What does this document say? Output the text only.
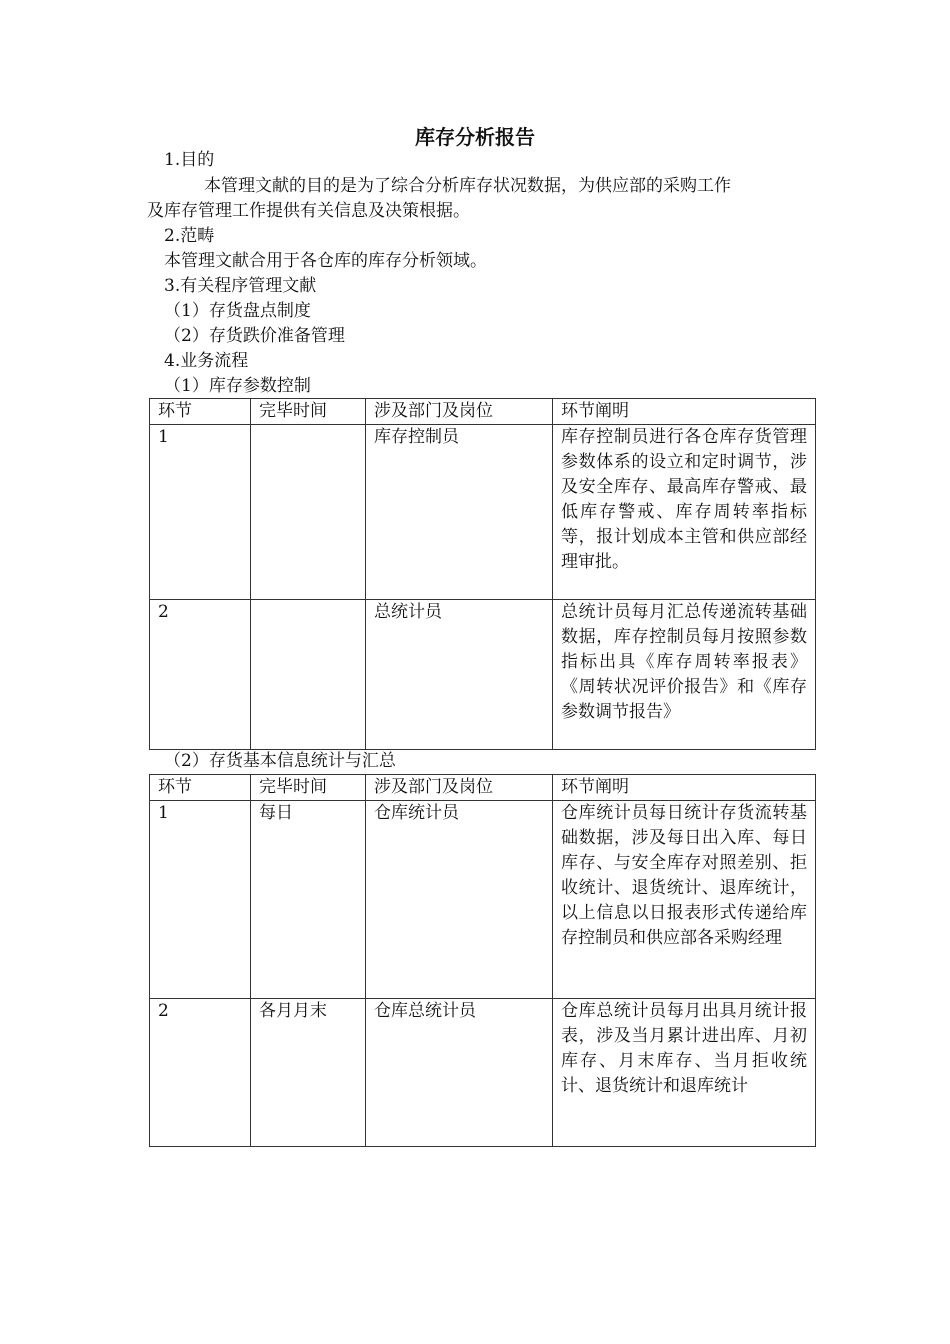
库存分析报告
1.目的
本管理文献的目的是为了综合分析库存状况数据，为供应部的采购工作
及库存管理工作提供有关信息及决策根据。
2.范畴
本管理文献合用于各仓库的库存分析领域。
3.有关程序管理文献
（1）存货盘点制度
（2）存货跌价准备管理
4.业务流程
（1）库存参数控制
环节	完毕时间	涉及部门及岗位	环节阐明
1		库存控制员	库存控制员进行各仓库存货管理参数体系的设立和定时调节，涉及安全库存、最高库存警戒、最低库存警戒、库存周转率指标等，报计划成本主管和供应部经理审批。
2		总统计员	总统计员每月汇总传递流转基础数据，库存控制员每月按照参数指标出具《库存周转率报表》《周转状况评价报告》和《库存参数调节报告》
（2）存货基本信息统计与汇总
环节	完毕时间	涉及部门及岗位	环节阐明
1	每日	仓库统计员	仓库统计员每日统计存货流转基础数据，涉及每日出入库、每日库存、与安全库存对照差别、拒收统计、退货统计、退库统计，以上信息以日报表形式传递给库存控制员和供应部各采购经理
2	各月月末	仓库总统计员	仓库总统计员每月出具月统计报表，涉及当月累计进出库、月初库存、月末库存、当月拒收统计、退货统计和退库统计
